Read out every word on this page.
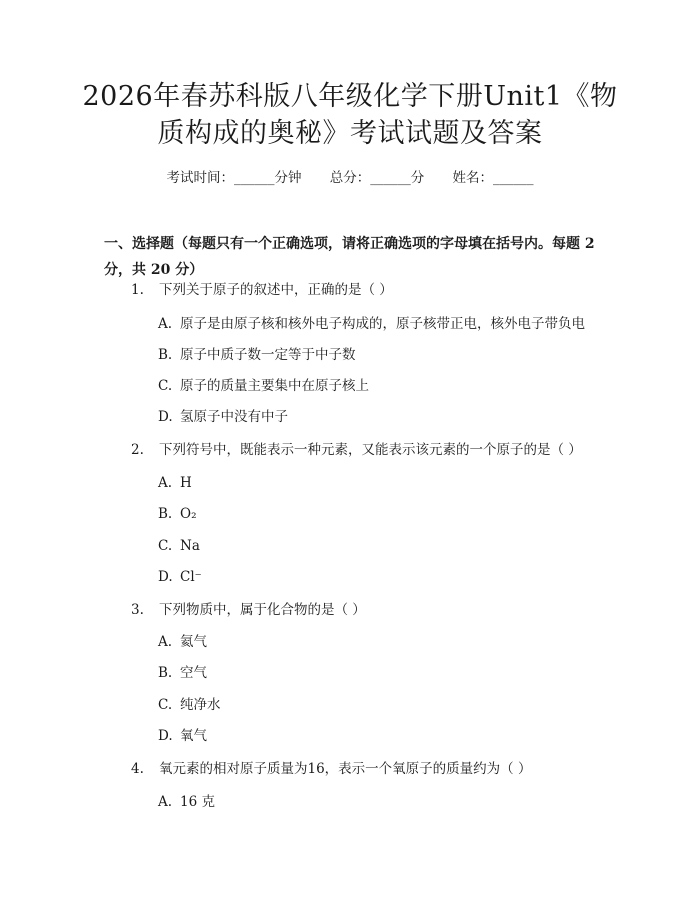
2026年春苏科版八年级化学下册Unit1《物
质构成的奥秘》考试试题及答案
考试时间：______分钟 总分：______分 姓名：______
一、选择题（每题只有一个正确选项，请将正确选项的字母填在括号内。每题 2
分，共 20 分）
1. 下列关于原子的叙述中，正确的是（ ）
A. 原子是由原子核和核外电子构成的，原子核带正电，核外电子带负电
B. 原子中质子数一定等于中子数
C. 原子的质量主要集中在原子核上
D. 氢原子中没有中子
2. 下列符号中，既能表示一种元素，又能表示该元素的一个原子的是（ ）
A. H
B. O₂
C. Na
D. Cl⁻
3. 下列物质中，属于化合物的是（ ）
A. 氦气
B. 空气
C. 纯净水
D. 氧气
4. 氧元素的相对原子质量为16，表示一个氧原子的质量约为（ ）
A. 16 克
